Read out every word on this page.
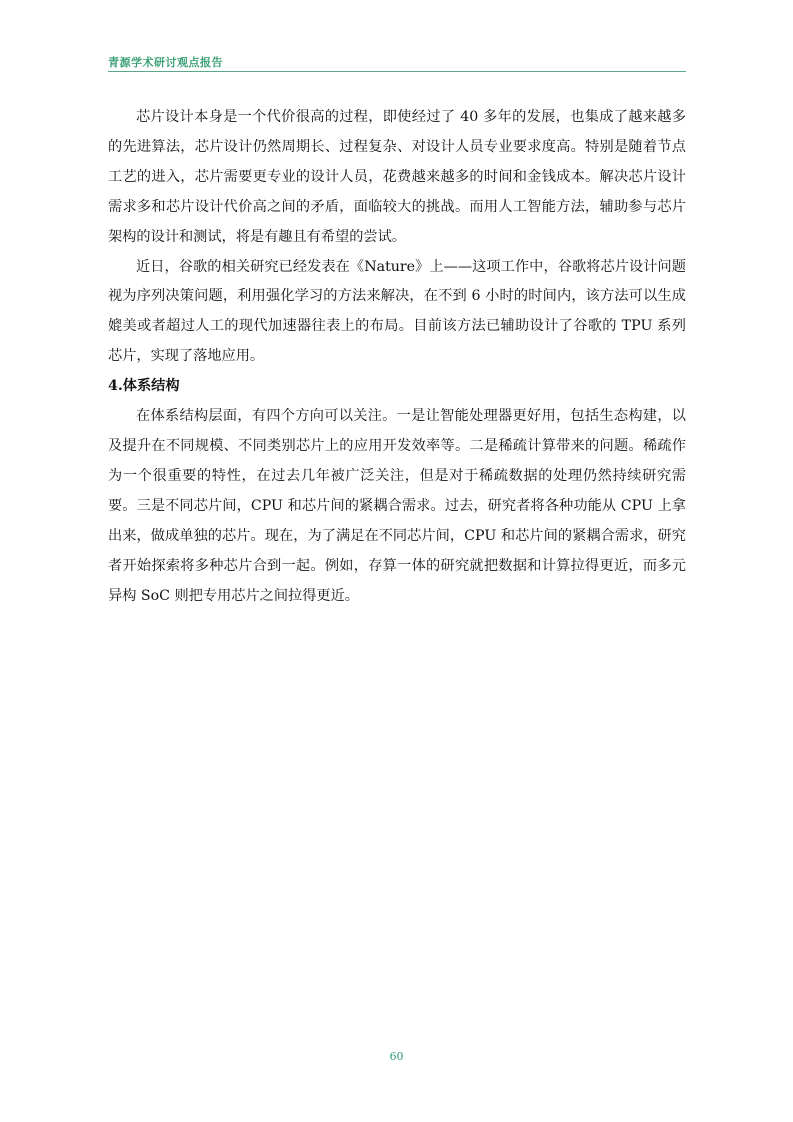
青源学术研讨观点报告

芯片设计本身是一个代价很高的过程，即使经过了 40 多年的发展，也集成了越来越多的先进算法，芯片设计仍然周期长、过程复杂、对设计人员专业要求度高。特别是随着节点工艺的进入，芯片需要更专业的设计人员，花费越来越多的时间和金钱成本。解决芯片设计需求多和芯片设计代价高之间的矛盾，面临较大的挑战。而用人工智能方法，辅助参与芯片架构的设计和测试，将是有趣且有希望的尝试。

近日，谷歌的相关研究已经发表在《Nature》上——这项工作中，谷歌将芯片设计问题视为序列决策问题，利用强化学习的方法来解决，在不到 6 小时的时间内，该方法可以生成媲美或者超过人工的现代加速器往表上的布局。目前该方法已辅助设计了谷歌的 TPU 系列芯片，实现了落地应用。

4.体系结构

在体系结构层面，有四个方向可以关注。一是让智能处理器更好用，包括生态构建，以及提升在不同规模、不同类别芯片上的应用开发效率等。二是稀疏计算带来的问题。稀疏作为一个很重要的特性，在过去几年被广泛关注，但是对于稀疏数据的处理仍然持续研究需要。三是不同芯片间，CPU 和芯片间的紧耦合需求。过去，研究者将各种功能从 CPU 上拿出来，做成单独的芯片。现在，为了满足在不同芯片间，CPU 和芯片间的紧耦合需求，研究者开始探索将多种芯片合到一起。例如，存算一体的研究就把数据和计算拉得更近，而多元异构 SoC 则把专用芯片之间拉得更近。

60
